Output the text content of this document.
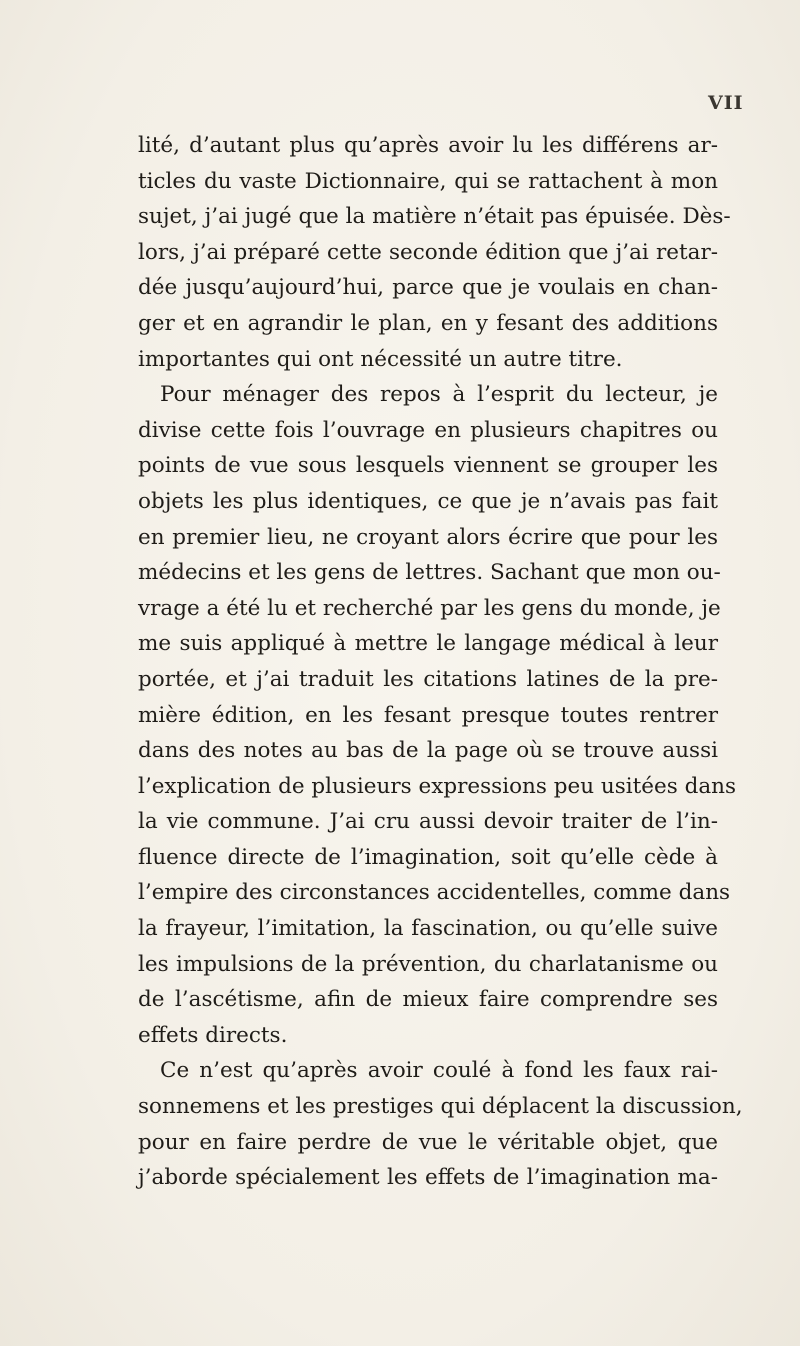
VII
lité, d’autant plus qu’après avoir lu les différens ar-
ticles du vaste Dictionnaire, qui se rattachent à mon
sujet, j’ai jugé que la matière n’était pas épuisée. Dès-
lors, j’ai préparé cette seconde édition que j’ai retar-
dée jusqu’aujourd’hui, parce que je voulais en chan-
ger et en agrandir le plan, en y fesant des additions
importantes qui ont nécessité un autre titre.
Pour ménager des repos à l’esprit du lecteur, je
divise cette fois l’ouvrage en plusieurs chapitres ou
points de vue sous lesquels viennent se grouper les
objets les plus identiques, ce que je n’avais pas fait
en premier lieu, ne croyant alors écrire que pour les
médecins et les gens de lettres. Sachant que mon ou-
vrage a été lu et recherché par les gens du monde, je
me suis appliqué à mettre le langage médical à leur
portée, et j’ai traduit les citations latines de la pre-
mière édition, en les fesant presque toutes rentrer
dans des notes au bas de la page où se trouve aussi
l’explication de plusieurs expressions peu usitées dans
la vie commune. J’ai cru aussi devoir traiter de l’in-
fluence directe de l’imagination, soit qu’elle cède à
l’empire des circonstances accidentelles, comme dans
la frayeur, l’imitation, la fascination, ou qu’elle suive
les impulsions de la prévention, du charlatanisme ou
de l’ascétisme, afin de mieux faire comprendre ses
effets directs.
Ce n’est qu’après avoir coulé à fond les faux rai-
sonnemens et les prestiges qui déplacent la discussion,
pour en faire perdre de vue le véritable objet, que
j’aborde spécialement les effets de l’imagination ma-
